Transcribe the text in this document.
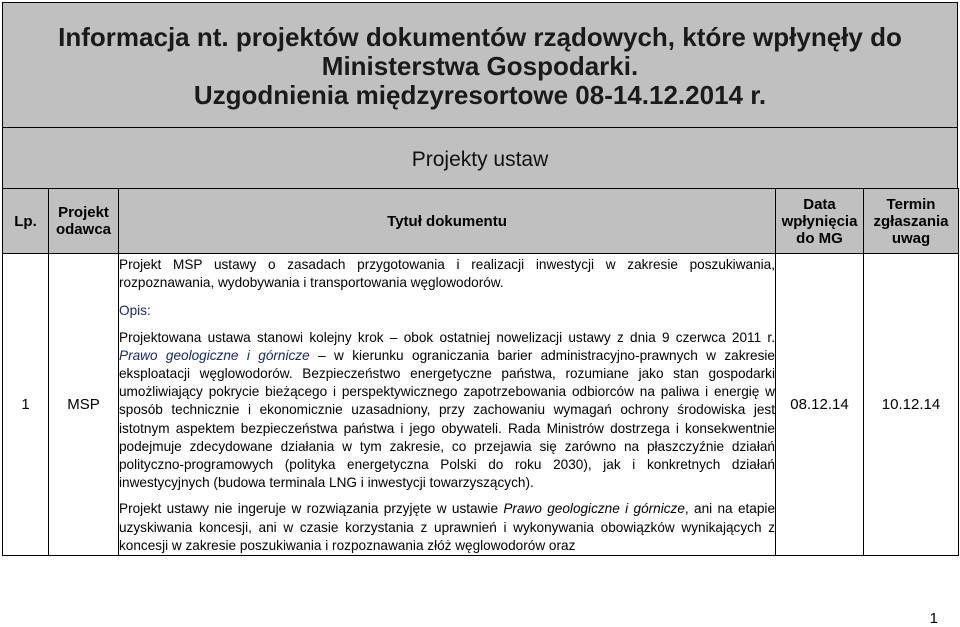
Informacja nt. projektów dokumentów rządowych, które wpłynęły do
Ministerstwa Gospodarki.
Uzgodnienia międzyresortowe 08-14.12.2014 r.
Projekty ustaw
Lp.	Projekt odawca	Tytuł dokumentu	Data wpłynięcia do MG	Termin zgłaszania uwag
1	MSP	Projekt MSP ustawy o zasadach przygotowania i realizacji inwestycji w zakresie poszukiwania, rozpoznawania, wydobywania i transportowania węglowodorów.

Opis:

Projektowana ustawa stanowi kolejny krok – obok ostatniej nowelizacji ustawy z dnia 9 czerwca 2011 r. Prawo geologiczne i górnicze – w kierunku ograniczania barier administracyjno-prawnych w zakresie eksploatacji węglowodorów. Bezpieczeństwo energetyczne państwa, rozumiane jako stan gospodarki umożliwiający pokrycie bieżącego i perspektywicznego zapotrzebowania odbiorców na paliwa i energię w sposób technicznie i ekonomicznie uzasadniony, przy zachowaniu wymagań ochrony środowiska jest istotnym aspektem bezpieczeństwa państwa i jego obywateli. Rada Ministrów dostrzega i konsekwentnie podejmuje zdecydowane działania w tym zakresie, co przejawia się zarówno na płaszczyźnie działań polityczno-programowych (polityka energetyczna Polski do roku 2030), jak i konkretnych działań inwestycyjnych (budowa terminala LNG i inwestycji towarzyszących).

Projekt ustawy nie ingeruje w rozwiązania przyjęte w ustawie Prawo geologiczne i górnicze, ani na etapie uzyskiwania koncesji, ani w czasie korzystania z uprawnień i wykonywania obowiązków wynikających z koncesji w zakresie poszukiwania i rozpoznawania złóż węglowodorów oraz	08.12.14	10.12.14
1
